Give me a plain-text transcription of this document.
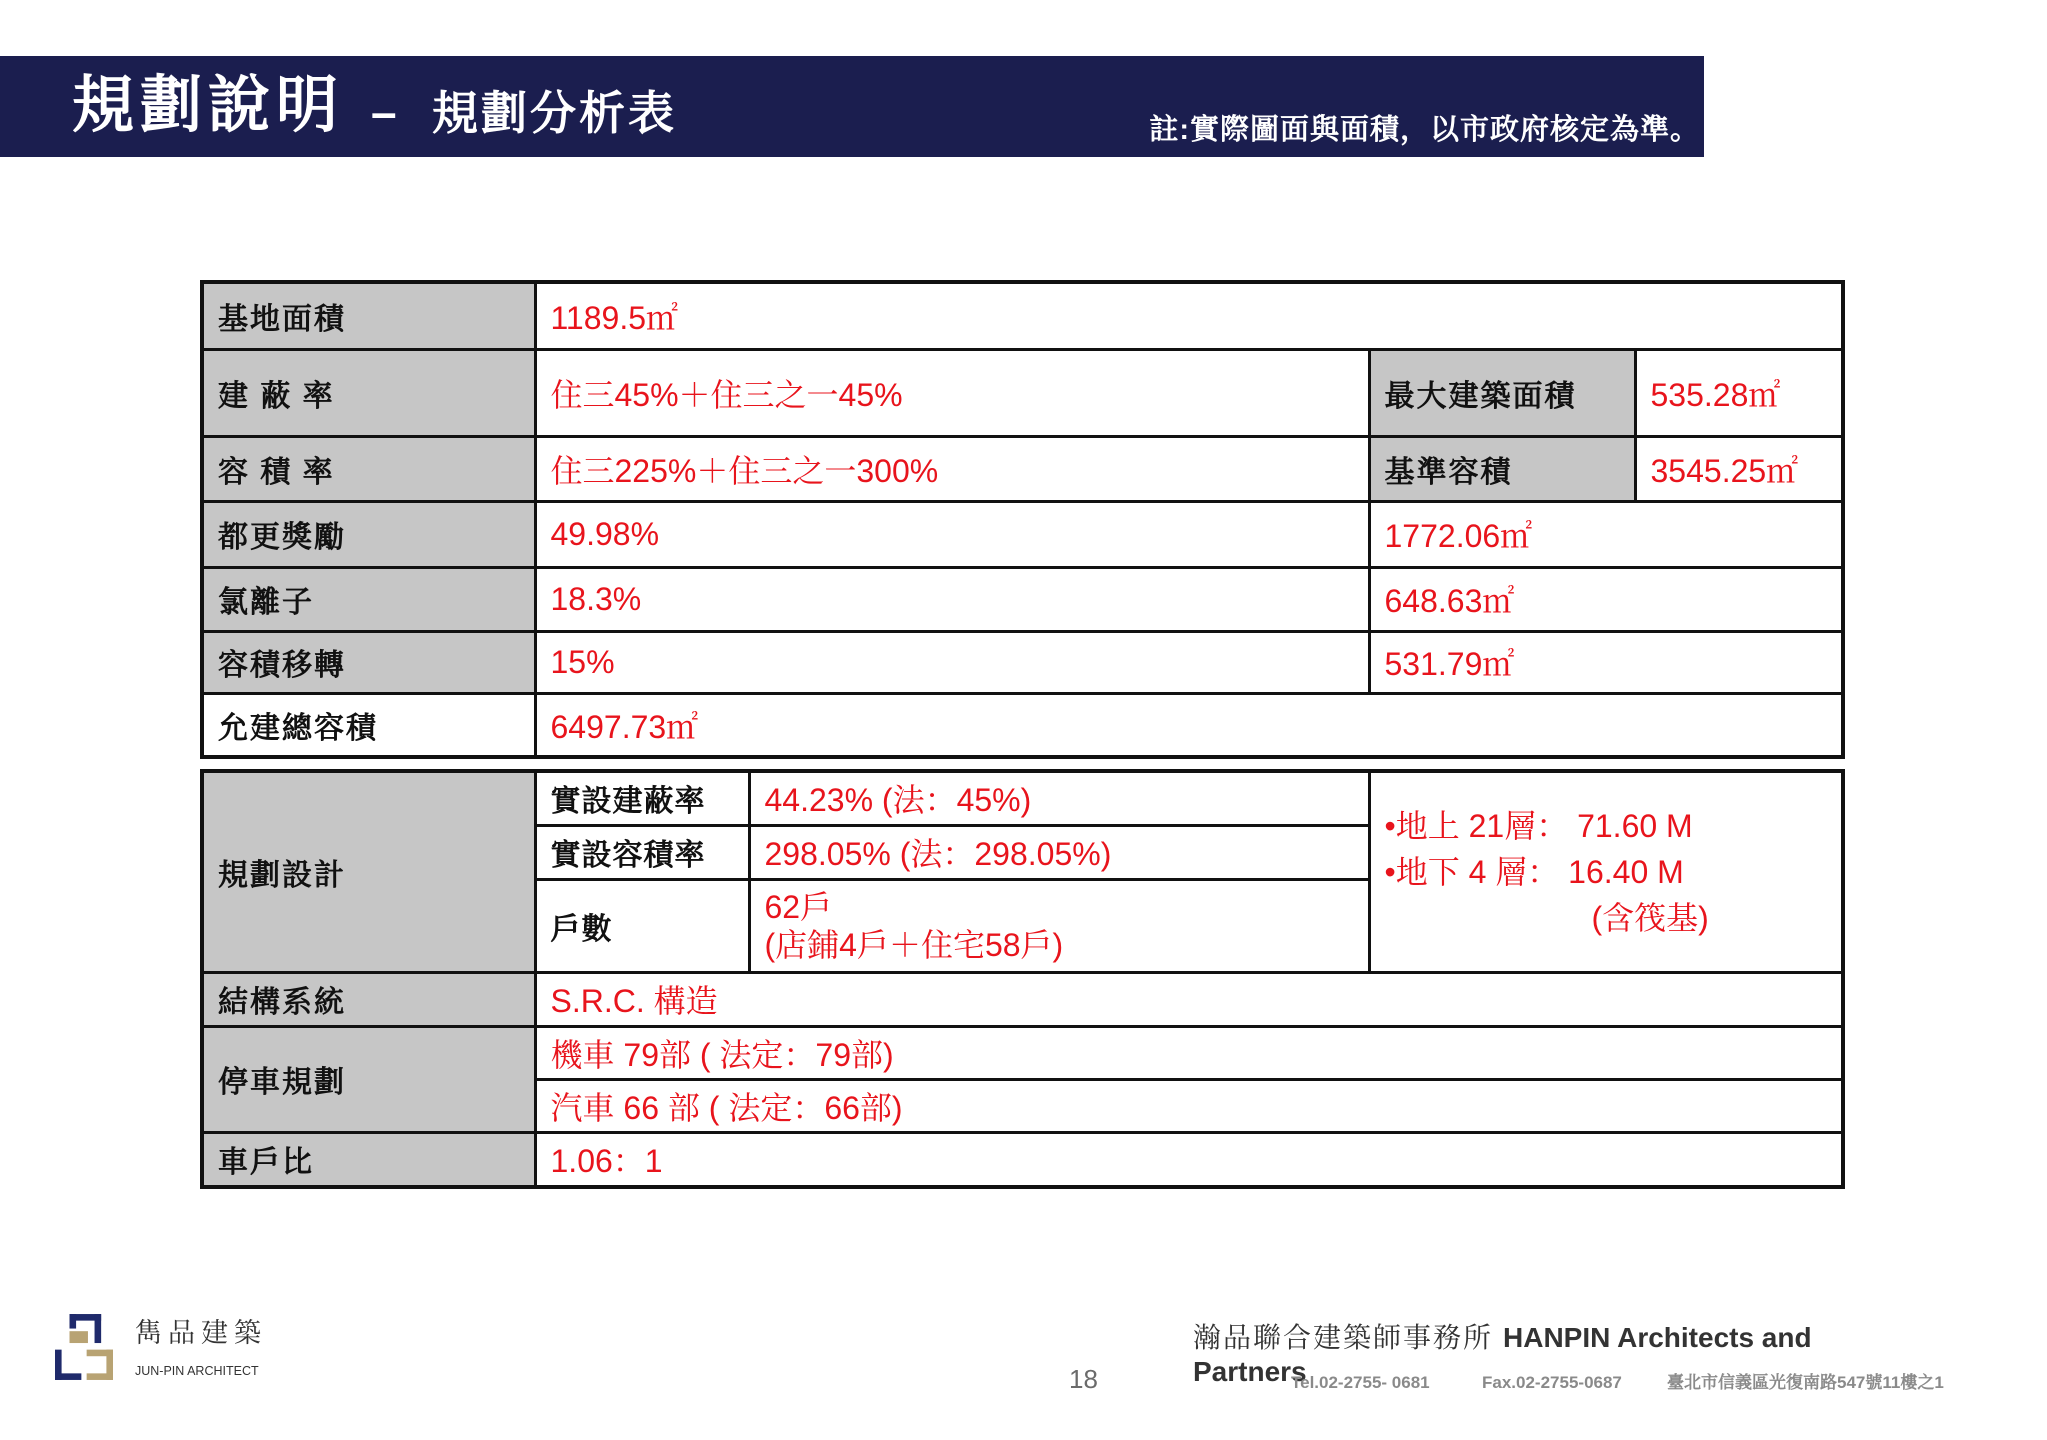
規劃說明 – 規劃分析表	註:實際圖面與面積，以市政府核定為準。
基地面積	1189.5㎡		
建 蔽 率	住三45%＋住三之一45%	最大建築面積	535.28㎡
容 積 率	住三225%＋住三之一300%	基準容積	3545.25㎡
都更獎勵	49.98%	1772.06㎡	
氯離子	18.3%	648.63㎡	
容積移轉	15%	531.79㎡	
允建總容積	6497.73㎡		
規劃設計	實設建蔽率	44.23% (法：45%)	•地上 21層： 71.60 M
•地下 4 層： 16.40 M
(含筏基)

	實設容積率	298.05% (法：298.05%)	
	戶數	62戶
(店鋪4戶＋住宅58戶)	

結構系統	S.R.C. 構造		
停車規劃	機車 79部 ( 法定：79部)		
	汽車 66 部 ( 法定：66部)		
車戶比	1.06：1		
雋品建築
JUN-PIN ARCHITECT	18
瀚品聯合建築師事務所 HANPIN Architects and
Partners
Tel.02-2755- 0681	Fax.02-2755-0687	臺北市信義區光復南路547號11樓之1
